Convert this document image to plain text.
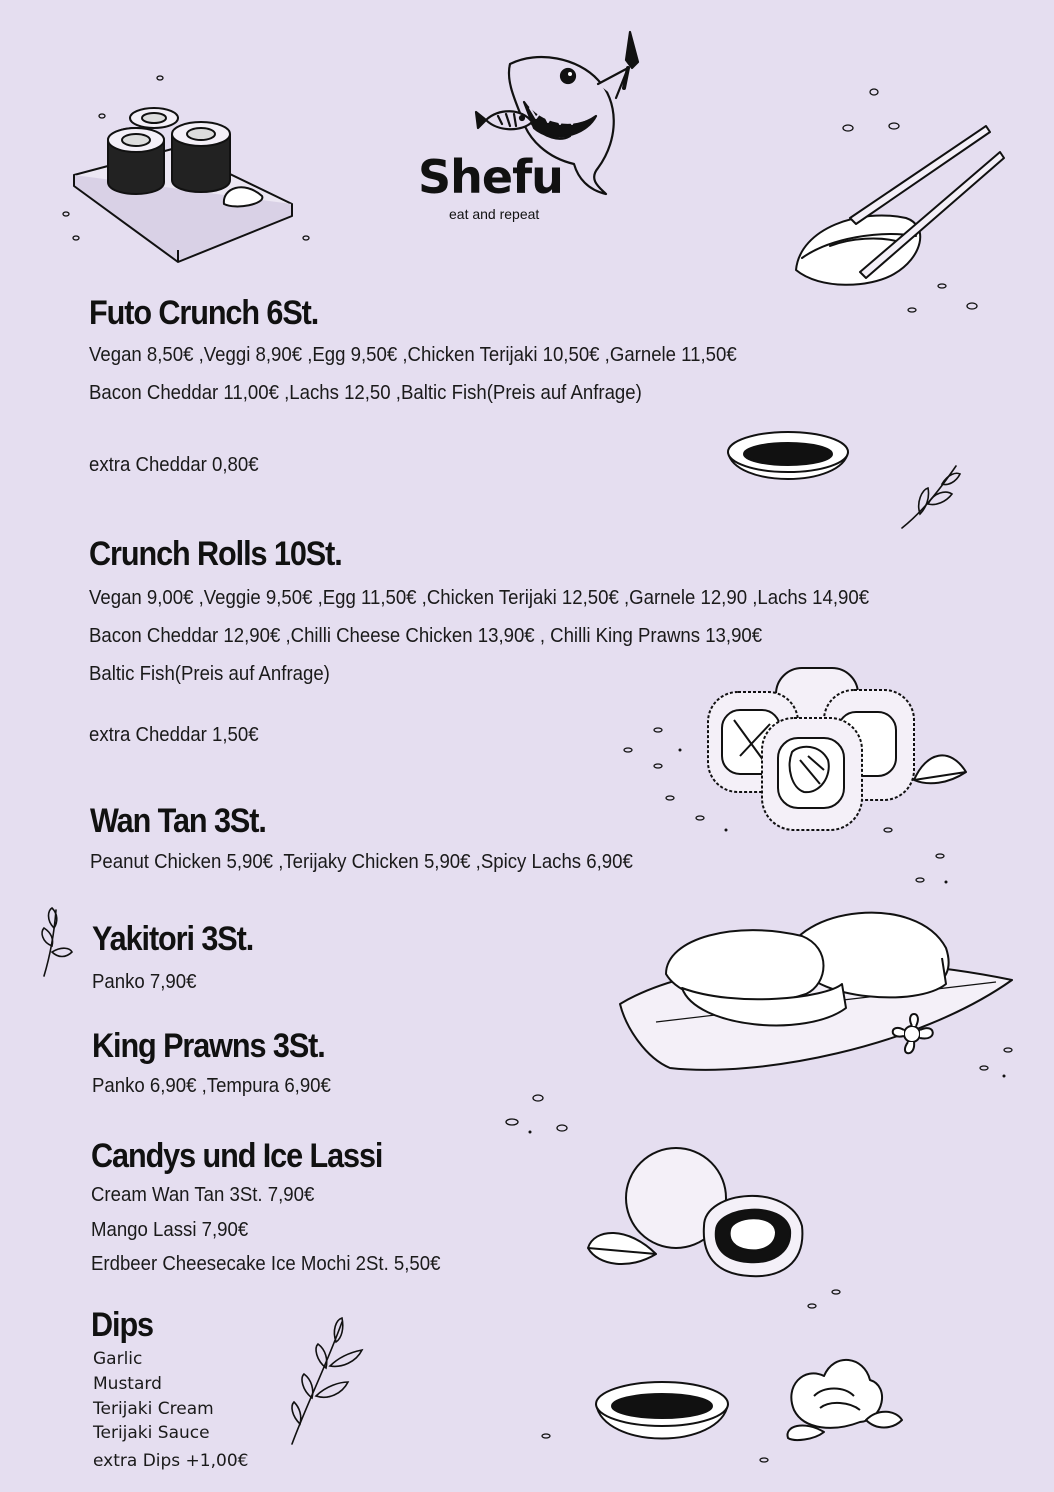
Shefu
eat and repeat
Futo Crunch 6St.
Vegan 8,50€ ,Veggi 8,90€ ,Egg 9,50€ ,Chicken Terijaki 10,50€ ,Garnele 11,50€
Bacon Cheddar 11,00€ ,Lachs 12,50 ,Baltic Fish(Preis auf Anfrage)
extra Cheddar 0,80€
Crunch Rolls 10St.
Vegan 9,00€ ,Veggie 9,50€ ,Egg 11,50€ ,Chicken Terijaki 12,50€ ,Garnele 12,90 ,Lachs 14,90€
Bacon Cheddar 12,90€ ,Chilli Cheese Chicken 13,90€ , Chilli King Prawns 13,90€
Baltic Fish(Preis auf Anfrage)
extra Cheddar 1,50€
Wan Tan 3St.
Peanut Chicken 5,90€ ,Terijaky Chicken 5,90€ ,Spicy Lachs 6,90€
Yakitori 3St.
Panko 7,90€
King Prawns 3St.
Panko 6,90€ ,Tempura 6,90€
Candys und Ice Lassi
Cream Wan Tan 3St. 7,90€
Mango Lassi 7,90€
Erdbeer Cheesecake Ice Mochi 2St. 5,50€
Dips
Garlic
Mustard
Terijaki Cream
Terijaki Sauce
extra Dips +1,00€
